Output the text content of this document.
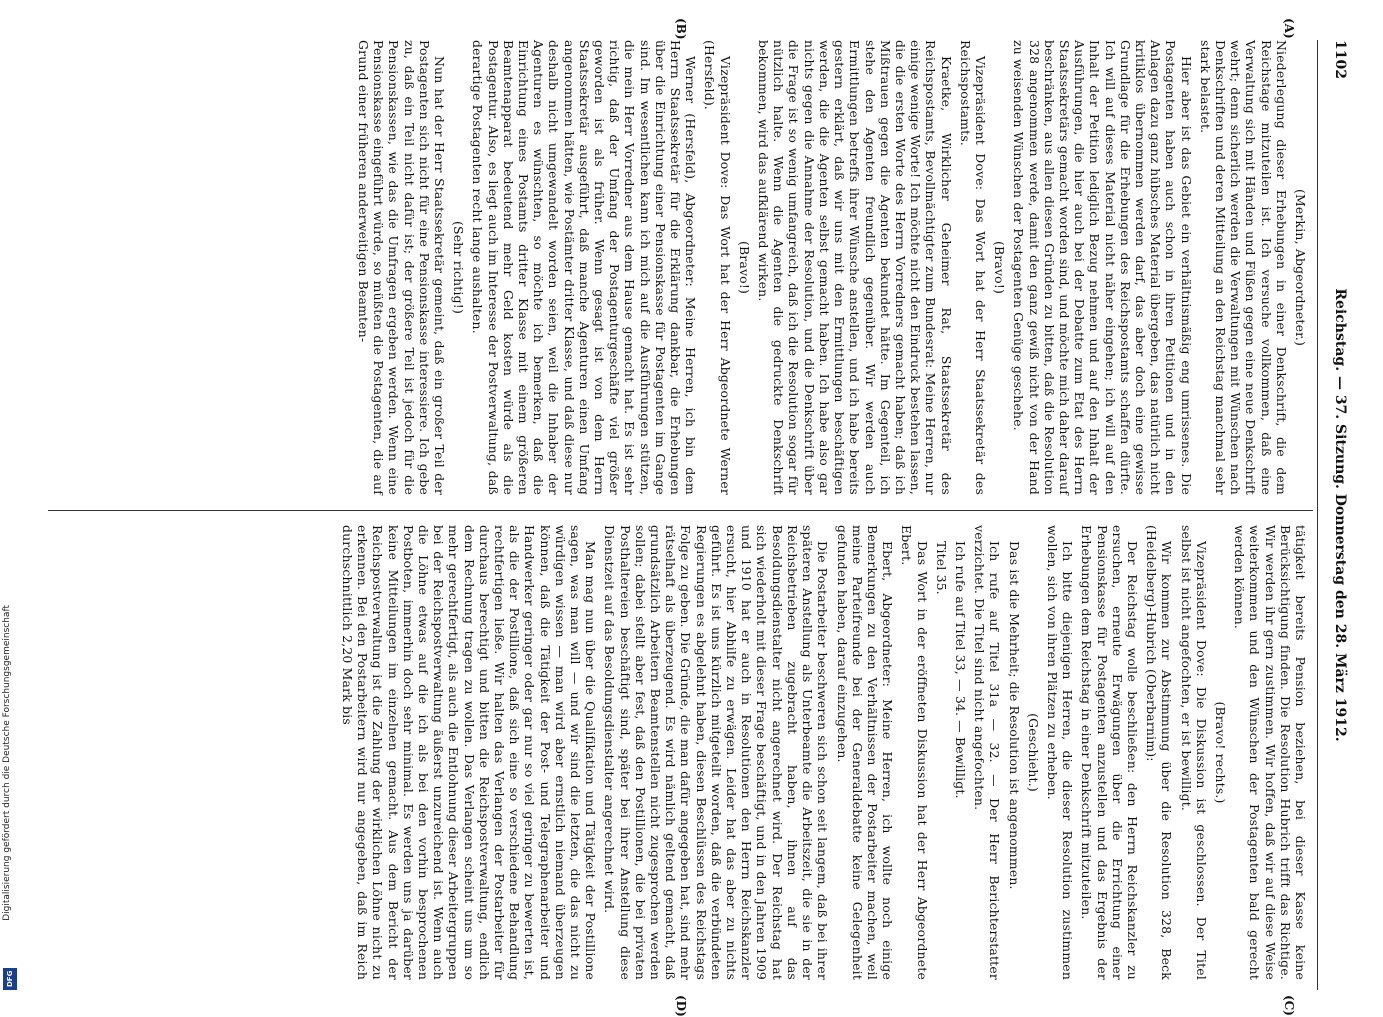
1102
Reichstag. — 37. Sitzung. Donnerstag den 28. März 1912.
(A)
(B)
(C)
(D)

(Merkin, Abgeordneter.)

Niederlegung dieser Erhebungen in einer Denkschrift, die dem Reichstage mitzuteilen ist. Ich versuche vollkommen, daß eine Verwaltung sich mit Händen und Füßen gegen eine neue Denkschrift wehrt; denn sicherlich werden die Verwaltungen mit Wünschen nach Denkschriften und deren Mitteilung an den Reichstag manchmal sehr stark belastet.

Hier aber ist das Gebiet ein verhältnismäßig eng umrissenes. Die Postagenten haben auch schon in ihren Petitionen und in den Anlagen dazu ganz hübsches Material übergeben, das natürlich nicht kritiklos übernommen werden darf, das aber doch eine gewisse Grundlage für die Erhebungen des Reichspostamts schaffen dürfte. Ich will auf dieses Material nicht näher eingehen; ich will auf den Inhalt der Petition lediglich Bezug nehmen und auf den Inhalt der Ausführungen, die hier auch bei der Debatte zum Etat des Herrn Staatssekretärs gemacht worden sind, und möchte mich daher darauf beschränken, aus allen diesen Gründen zu bitten, daß die Resolution 328 angenommen werde, damit den ganz gewiß nicht von der Hand zu weisenden Wünschen der Postagenten Genüge geschehe.

(Bravo!)

Vizepräsident Dove: Das Wort hat der Herr Staatssekretär des Reichspostamts.

Kraetke, Wirklicher Geheimer Rat, Staatssekretär des Reichspostamts, Bevollmächtigter zum Bundesrat: Meine Herren, nur einige wenige Worte! Ich möchte nicht den Eindruck bestehen lassen, die die ersten Worte des Herrn Vorredners gemacht haben; daß ich Mißtrauen gegen die Agenten bekundet hätte. Im Gegenteil, ich stehe den Agenten freundlich gegenüber. Wir werden auch Ermittlungen betreffs ihrer Wünsche anstellen, und ich habe bereits gestern erklärt, daß wir uns mit den Ermittlungen beschäftigen werden, die die Agenten selbst gemacht haben. Ich habe also gar nichts gegen die Annahme der Resolution, und die Denkschrift über die Frage ist so wenig umfangreich, daß ich die Resolution sogar für nützlich halte. Wenn die Agenten die gedruckte Denkschrift bekommen, wird das aufklärend wirken.

(Bravo!)

Vizepräsident Dove: Das Wort hat der Herr Abgeordnete Werner (Hersfeld).

Werner (Hersfeld), Abgeordneter: Meine Herren, ich bin dem Herrn Staatssekretär für die Erklärung dankbar, die Erhebungen über die Einrichtung einer Pensionskasse für Postagenten im Gange sind. Im wesentlichen kann ich mich auf die Ausführungen stützen, die mein Herr Vorredner aus dem Hause gemacht hat. Es ist sehr richtig, daß der Umfang der Postagenturgeschäfte viel größer geworden ist als früher. Wenn gesagt ist von dem Herrn Staatssekretär ausgeführt, daß manche Agenturen einen Umfang angenommen hätten, wie Postämter dritter Klasse, und daß diese nur deshalb nicht umgewandelt worden seien, weil die Inhaber der Agenturen es wünschten, so möchte ich bemerken, daß die Einrichtung eines Postamts dritter Klasse mit einem größeren Beamtenapparat bedeutend mehr Geld kosten würde als die Postagentur. Also, es liegt auch im Interesse der Postverwaltung, daß derartige Postagenten recht lange aushalten.

(Sehr richtig!)

Nun hat der Herr Staatssekretär gemeint, daß ein großer Teil der Postagenten sich nicht für eine Pensionskasse interessiere. Ich gebe zu, daß ein Teil nicht dafür ist; der größere Teil ist jedoch für die Pensionskassen, wie das die Umfragen ergeben werden. Wenn eine Pensionskasse eingeführt würde, so müßten die Postagenten, die auf Grund einer früheren anderweitigen Beamten-

tätigkeit bereits Pension beziehen, bei dieser Kasse keine Berücksichtigung finden. Die Resolution Hubrich trifft das Richtige. Wir werden ihr gern zustimmen. Wir hoffen, daß wir auf diese Weise weiterkommen und den Wünschen der Postagenten bald gerecht werden können.

(Bravo! rechts.)

Vizepräsident Dove: Die Diskussion ist geschlossen. Der Titel selbst ist nicht angefochten, er ist bewilligt.

Wir kommen zur Abstimmung über die Resolution 328, Beck (Heidelberg)-Hubrich (Oberbarnim):

Der Reichstag wolle beschließen: den Herrn Reichskanzler zu ersuchen, erneute Erwägungen über die Errichtung einer Pensionskasse für Postagenten anzustellen und das Ergebnis der Erhebungen dem Reichstag in einer Denkschrift mitzuteilen.

Ich bitte diejenigen Herren, die dieser Resolution zustimmen wollen, sich von ihren Plätzen zu erheben.

(Geschieht.)

Das ist die Mehrheit; die Resolution ist angenommen.

Ich rufe auf Titel 31a — 32. — Der Herr Berichterstatter verzichtet. Die Titel sind nicht angefochten.

Ich rufe auf Titel 33, — 34. — Bewilligt.

Titel 35.

Das Wort in der eröffneten Diskussion hat der Herr Abgeordnete Ebert.

Ebert, Abgeordneter: Meine Herren, ich wollte noch einige Bemerkungen zu den Verhältnissen der Postarbeiter machen, weil meine Parteifreunde bei der Generaldebatte keine Gelegenheit gefunden haben, darauf einzugehen.

Die Postarbeiter beschweren sich schon seit langem, daß bei ihrer späteren Anstellung als Unterbeamte die Arbeitszeit, die sie in der Reichsbetrieben zugebracht haben, ihnen auf das Besoldungsdienstalter nicht angerechnet wird. Der Reichstag hat sich wiederholt mit dieser Frage beschäftigt, und in den Jahren 1909 und 1910 hat er auch in Resolutionen den Herrn Reichskanzler ersucht, hier Abhilfe zu erwägen. Leider hat das aber zu nichts geführt. Es ist uns kürzlich mitgeteilt worden, daß die verbündeten Regierungen es abgelehnt haben, diesen Beschlüssen des Reichstags Folge zu geben. Die Gründe, die man dafür angegeben hat, sind mehr rätselhaft als überzeugend. Es wird nämlich geltend gemacht, daß grundsätzlich Arbeitern Beamtenstellen nicht zugesprochen werden sollen; dabei stellt aber fest, daß den Postillionen, die bei privaten Posthaltereien beschäftigt sind, später bei ihrer Anstellung diese Dienstzeit auf das Besoldungsdienstalter angerechnet wird.

Man mag nun über die Qualifikation und Tätigkeit der Postillione sagen, was man will — und wir sind die letzten, die das nicht zu würdigen wissen — man wird aber ernstlich niemand überzeugen können, daß die Tätigkeit der Post- und Telegraphenarbeiter und Handwerker geringer oder gar nur so viel geringer zu bewerten ist, als die der Postillione, daß sich eine so verschiedene Behandlung rechtfertigen ließe. Wir halten das Verlangen der Postarbeiter für durchaus berechtigt und bitten die Reichspostverwaltung, endlich dem Rechnung tragen zu wollen. Das Verlangen scheint uns um so mehr gerechtfertigt, als auch die Entlohnung dieser Arbeitergruppen bei der Reichspostverwaltung äußerst unzureichend ist. Wenn auch die Löhne etwas auf die ich als bei den vorhin besprochenen Postboten, immerhin doch sehr minimal. Es werden uns ja darüber keine Mitteilungen im einzelnen gemacht. Aus dem Bericht der Reichspostverwaltung ist die Zahlung der wirklichen Löhne nicht zu erkennen. Bei den Postarbeitern wird nur angegeben, daß im Reich durchschnittlich 2,20 Mark bis

Digitalisierung gefördert durch die Deutsche Forschungsgemeinschaft
DFG
